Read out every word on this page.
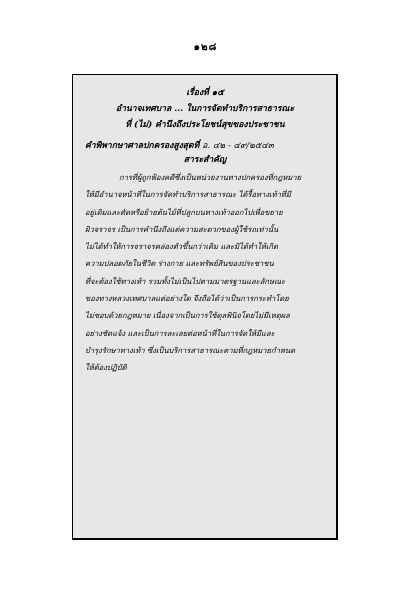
๑๒๘
เรื่องที่ ๑๕
อำนาจเทศบาล ... ในการจัดทำบริการสาธารณะ
ที่ (ไม่) คำนึงถึงประโยชน์สุขของประชาชน
คำพิพากษาศาลปกครองสูงสุดที่ อ. ๔๒ - ๔๙/๒๕๔๓
สาระสำคัญ
การที่ผู้ถูกฟ้องคดีซึ่งเป็นหน่วยงานทางปกครองที่กฎหมาย
ให้มีอำนาจหน้าที่ในการจัดทำบริการสาธารณะ ได้รื้อทางเท้าที่มี
อยู่เดิมและตัดหรือย้ายต้นไม้ที่ปลูกบนทางเท้าออกไปเพื่อขยาย
ผิวจราจร เป็นการคำนึงถึงแต่ความสะดวกของผู้ใช้รถเท่านั้น
ไม่ได้ทำให้การจราจรคล่องตัวขึ้นกว่าเดิม และมิได้ทำให้เกิด
ความปลอดภัยในชีวิต ร่างกาย และทรัพย์สินของประชาชน
ที่จะต้องใช้ทางเท้า รวมทั้งไม่เป็นไปตามมาตรฐานและลักษณะ
ของทางหลวงเทศบาลแต่อย่างใด จึงถือได้ว่าเป็นการกระทำโดย
ไม่ชอบด้วยกฎหมาย เนื่องจากเป็นการใช้ดุลพินิจโดยไม่มีเหตุผล
อย่างชัดแจ้ง และเป็นการละเลยต่อหน้าที่ในการจัดให้มีและ
บำรุงรักษาทางเท้า ซึ่งเป็นบริการสาธารณะตามที่กฎหมายกำหนด
ให้ต้องปฏิบัติ
